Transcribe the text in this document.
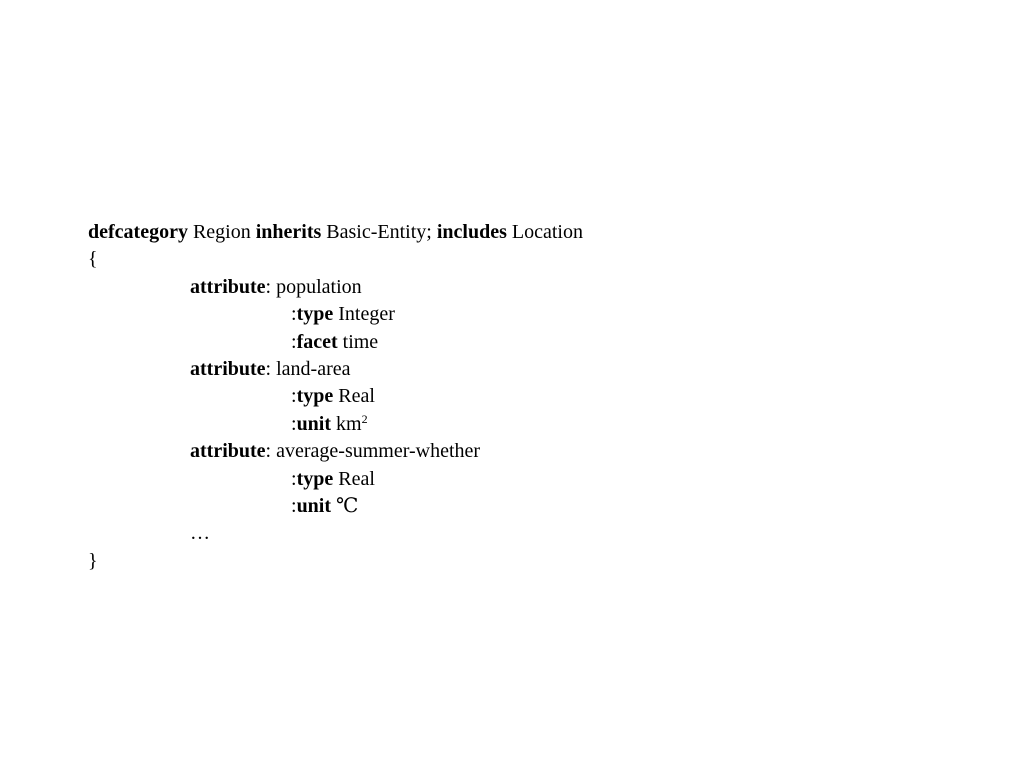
defcategory Region inherits Basic-Entity; includes Location
{
attribute: population
:type Integer
:facet time
attribute: land-area
:type Real
:unit $km^2$
attribute: average-summer-whether
:type Real
:unit ℃
…
}
